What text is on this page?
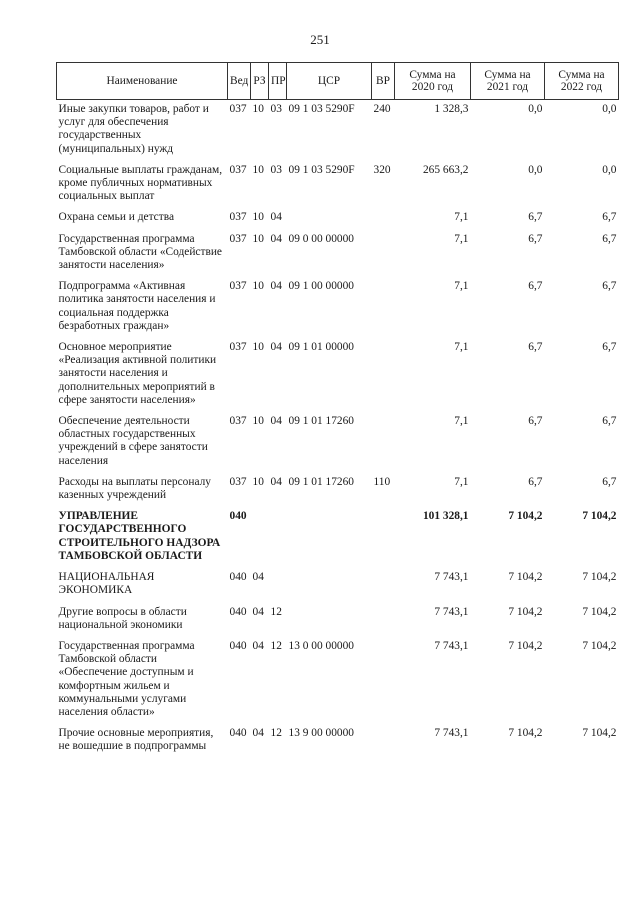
251
Наименование	Вед	РЗ	ПР	ЦСР	ВР	Сумма на 2020 год	Сумма на 2021 год	Сумма на 2022 год
Иные закупки товаров, работ и услуг для обеспечения государственных (муниципальных) нужд	037	10	03	09 1 03 5290F	240	1 328,3	0,0	0,0
Социальные выплаты гражданам, кроме публичных нормативных социальных выплат	037	10	03	09 1 03 5290F	320	265 663,2	0,0	0,0
Охрана семьи и детства	037	10	04			7,1	6,7	6,7
Государственная программа Тамбовской области «Содействие занятости населения»	037	10	04	09 0 00 00000		7,1	6,7	6,7
Подпрограмма «Активная политика занятости населения и социальная поддержка безработных граждан»	037	10	04	09 1 00 00000		7,1	6,7	6,7
Основное мероприятие «Реализация активной политики занятости населения и дополнительных мероприятий в сфере занятости населения»	037	10	04	09 1 01 00000		7,1	6,7	6,7
Обеспечение деятельности областных государственных учреждений в сфере занятости населения	037	10	04	09 1 01 17260		7,1	6,7	6,7
Расходы на выплаты персоналу казенных учреждений	037	10	04	09 1 01 17260	110	7,1	6,7	6,7
УПРАВЛЕНИЕ ГОСУДАРСТВЕННОГО СТРОИТЕЛЬНОГО НАДЗОРА ТАМБОВСКОЙ ОБЛАСТИ	040					101 328,1	7 104,2	7 104,2
НАЦИОНАЛЬНАЯ ЭКОНОМИКА	040	04				7 743,1	7 104,2	7 104,2
Другие вопросы в области национальной экономики	040	04	12			7 743,1	7 104,2	7 104,2
Государственная программа Тамбовской области «Обеспечение доступным и комфортным жильем и коммунальными услугами населения области»	040	04	12	13 0 00 00000		7 743,1	7 104,2	7 104,2
Прочие основные мероприятия, не вошедшие в подпрограммы	040	04	12	13 9 00 00000		7 743,1	7 104,2	7 104,2
